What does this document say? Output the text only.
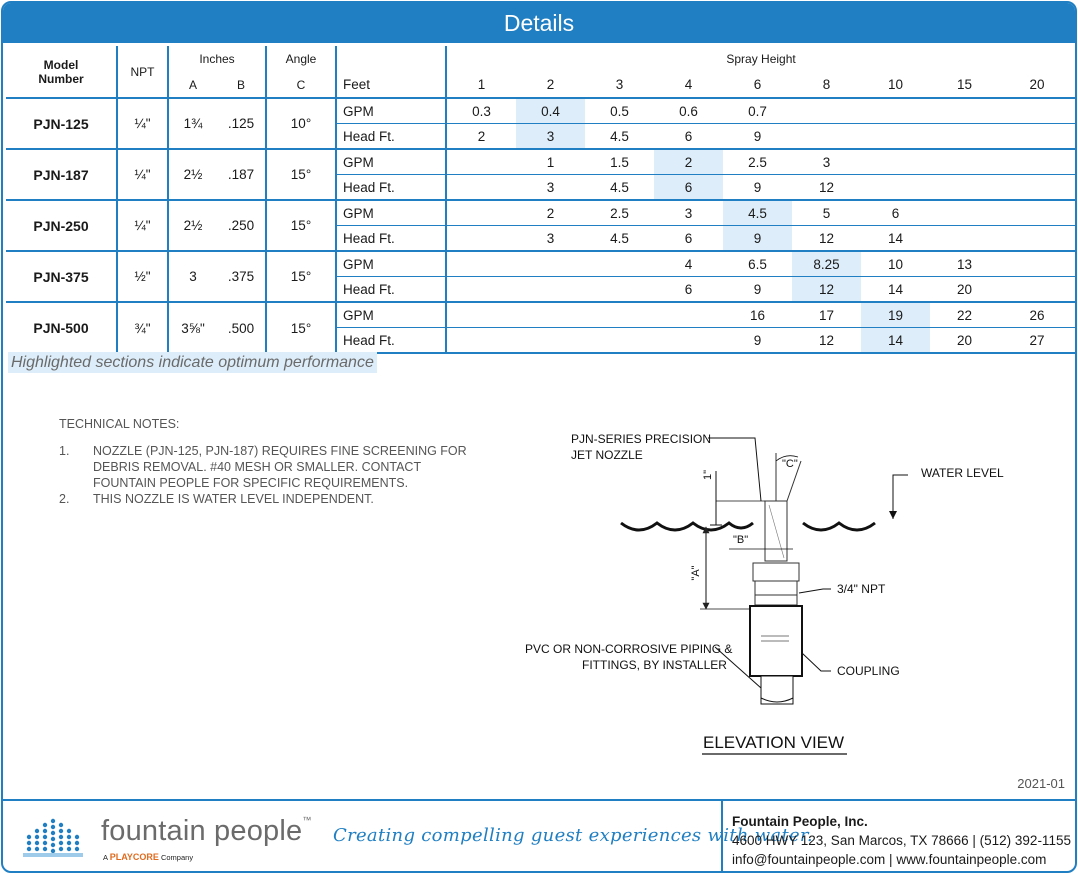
Details
Model
Number	NPT	Inches		Angle		Spray Height								
		A	B	C	Feet	1	2	3	4	6	8	10	15	20
PJN-125	¼"	1¾	.125	10°	GPM	0.3	0.4	0.5	0.6	0.7				
					Head Ft.	2	3	4.5	6	9				
PJN-187	¼"	2½	.187	15°	GPM		1	1.5	2	2.5	3			
					Head Ft.		3	4.5	6	9	12			
PJN-250	¼"	2½	.250	15°	GPM		2	2.5	3	4.5	5	6		
					Head Ft.		3	4.5	6	9	12	14		
PJN-375	½"	3	.375	15°	GPM				4	6.5	8.25	10	13	
					Head Ft.				6	9	12	14	20	
PJN-500	¾"	3⅝"	.500	15°	GPM					16	17	19	22	26
					Head Ft.					9	12	14	20	27
Highlighted sections indicate optimum performance
TECHNICAL NOTES:
1.	NOZZLE (PJN-125, PJN-187) REQUIRES FINE SCREENING FOR DEBRIS REMOVAL. #40 MESH OR SMALLER. CONTACT FOUNTAIN PEOPLE FOR SPECIFIC REQUIREMENTS.
2.	THIS NOZZLE IS WATER LEVEL INDEPENDENT.
"A"
1"
"B"
"C"
PJN-SERIES PRECISION
JET NOZZLE
WATER LEVEL
3/4" NPT
PVC OR NON-CORROSIVE PIPING &
FITTINGS, BY INSTALLER	COUPLING
ELEVATION VIEW
2021-01
fountain people™
A PLAYCORE Company
Creating compelling guest experiences with water.
Fountain People, Inc.
4600 HWY 123, San Marcos, TX 78666 | (512) 392-1155
info@fountainpeople.com | www.fountainpeople.com
